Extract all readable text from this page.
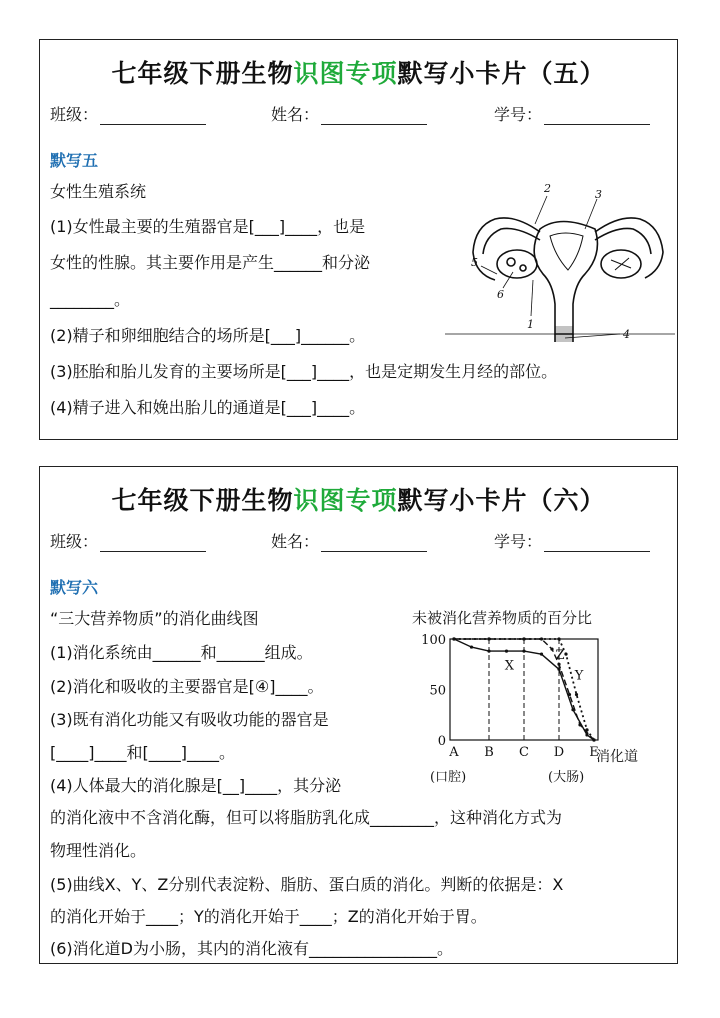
七年级下册生物识图专项默写小卡片（五）
班级：	姓名：	学号：
默写五
女性生殖系统
(1)女性最主要的生殖器官是[___]____，也是
女性的性腺。其主要作用是产生______和分泌
________。
(2)精子和卵细胞结合的场所是[___]______。
(3)胚胎和胎儿发育的主要场所是[___]____，也是定期发生月经的部位。
(4)精子进入和娩出胎儿的通道是[___]____。
1
2	3
4
5
6
七年级下册生物识图专项默写小卡片（六）
班级：	姓名：	学号：
默写六
“三大营养物质”的消化曲线图
(1)消化系统由______和______组成。
(2)消化和吸收的主要器官是[④]____。
(3)既有消化功能又有吸收功能的器官是
[____]____和[____]____。
(4)人体最大的消化腺是[__]____，其分泌
的消化液中不含消化酶，但可以将脂肪乳化成________，这种消化方式为
物理性消化。
(5)曲线X、Y、Z分别代表淀粉、脂肪、蛋白质的消化。判断的依据是：X
的消化开始于____；Y的消化开始于____；Z的消化开始于胃。
(6)消化道D为小肠，其内的消化液有________________。
未被消化营养物质的百分比
100
50
0
A B C D E
X
Y
Z
消化道
(口腔)	(大肠)
